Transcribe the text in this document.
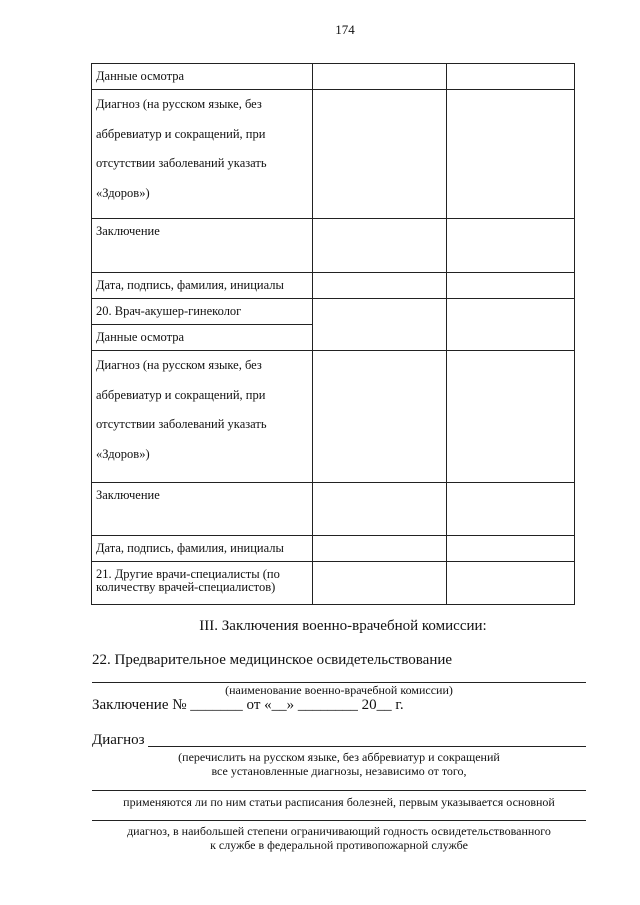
174
Данные осмотра		
Диагноз (на русском языке, без аббревиатур и сокращений, при отсутствии заболеваний указать «Здоров»)		
Заключение		
Дата, подпись, фамилия, инициалы		
20. Врач-акушер-гинеколог		
Данные осмотра		
Диагноз (на русском языке, без аббревиатур и сокращений, при отсутствии заболеваний указать «Здоров»)		
Заключение		
Дата, подпись, фамилия, инициалы		
21. Другие врачи-специалисты (по количеству врачей-специалистов)		
III. Заключения военно-врачебной комиссии:
22. Предварительное медицинское освидетельствование
(наименование военно-врачебной комиссии)
Заключение № _______ от «__» ________ 20__ г.
Диагноз
(перечислить на русском языке, без аббревиатур и сокращений
все установленные диагнозы, независимо от того,
применяются ли по ним статьи расписания болезней, первым указывается основной
диагноз, в наибольшей степени ограничивающий годность освидетельствованного
к службе в федеральной противопожарной службе
